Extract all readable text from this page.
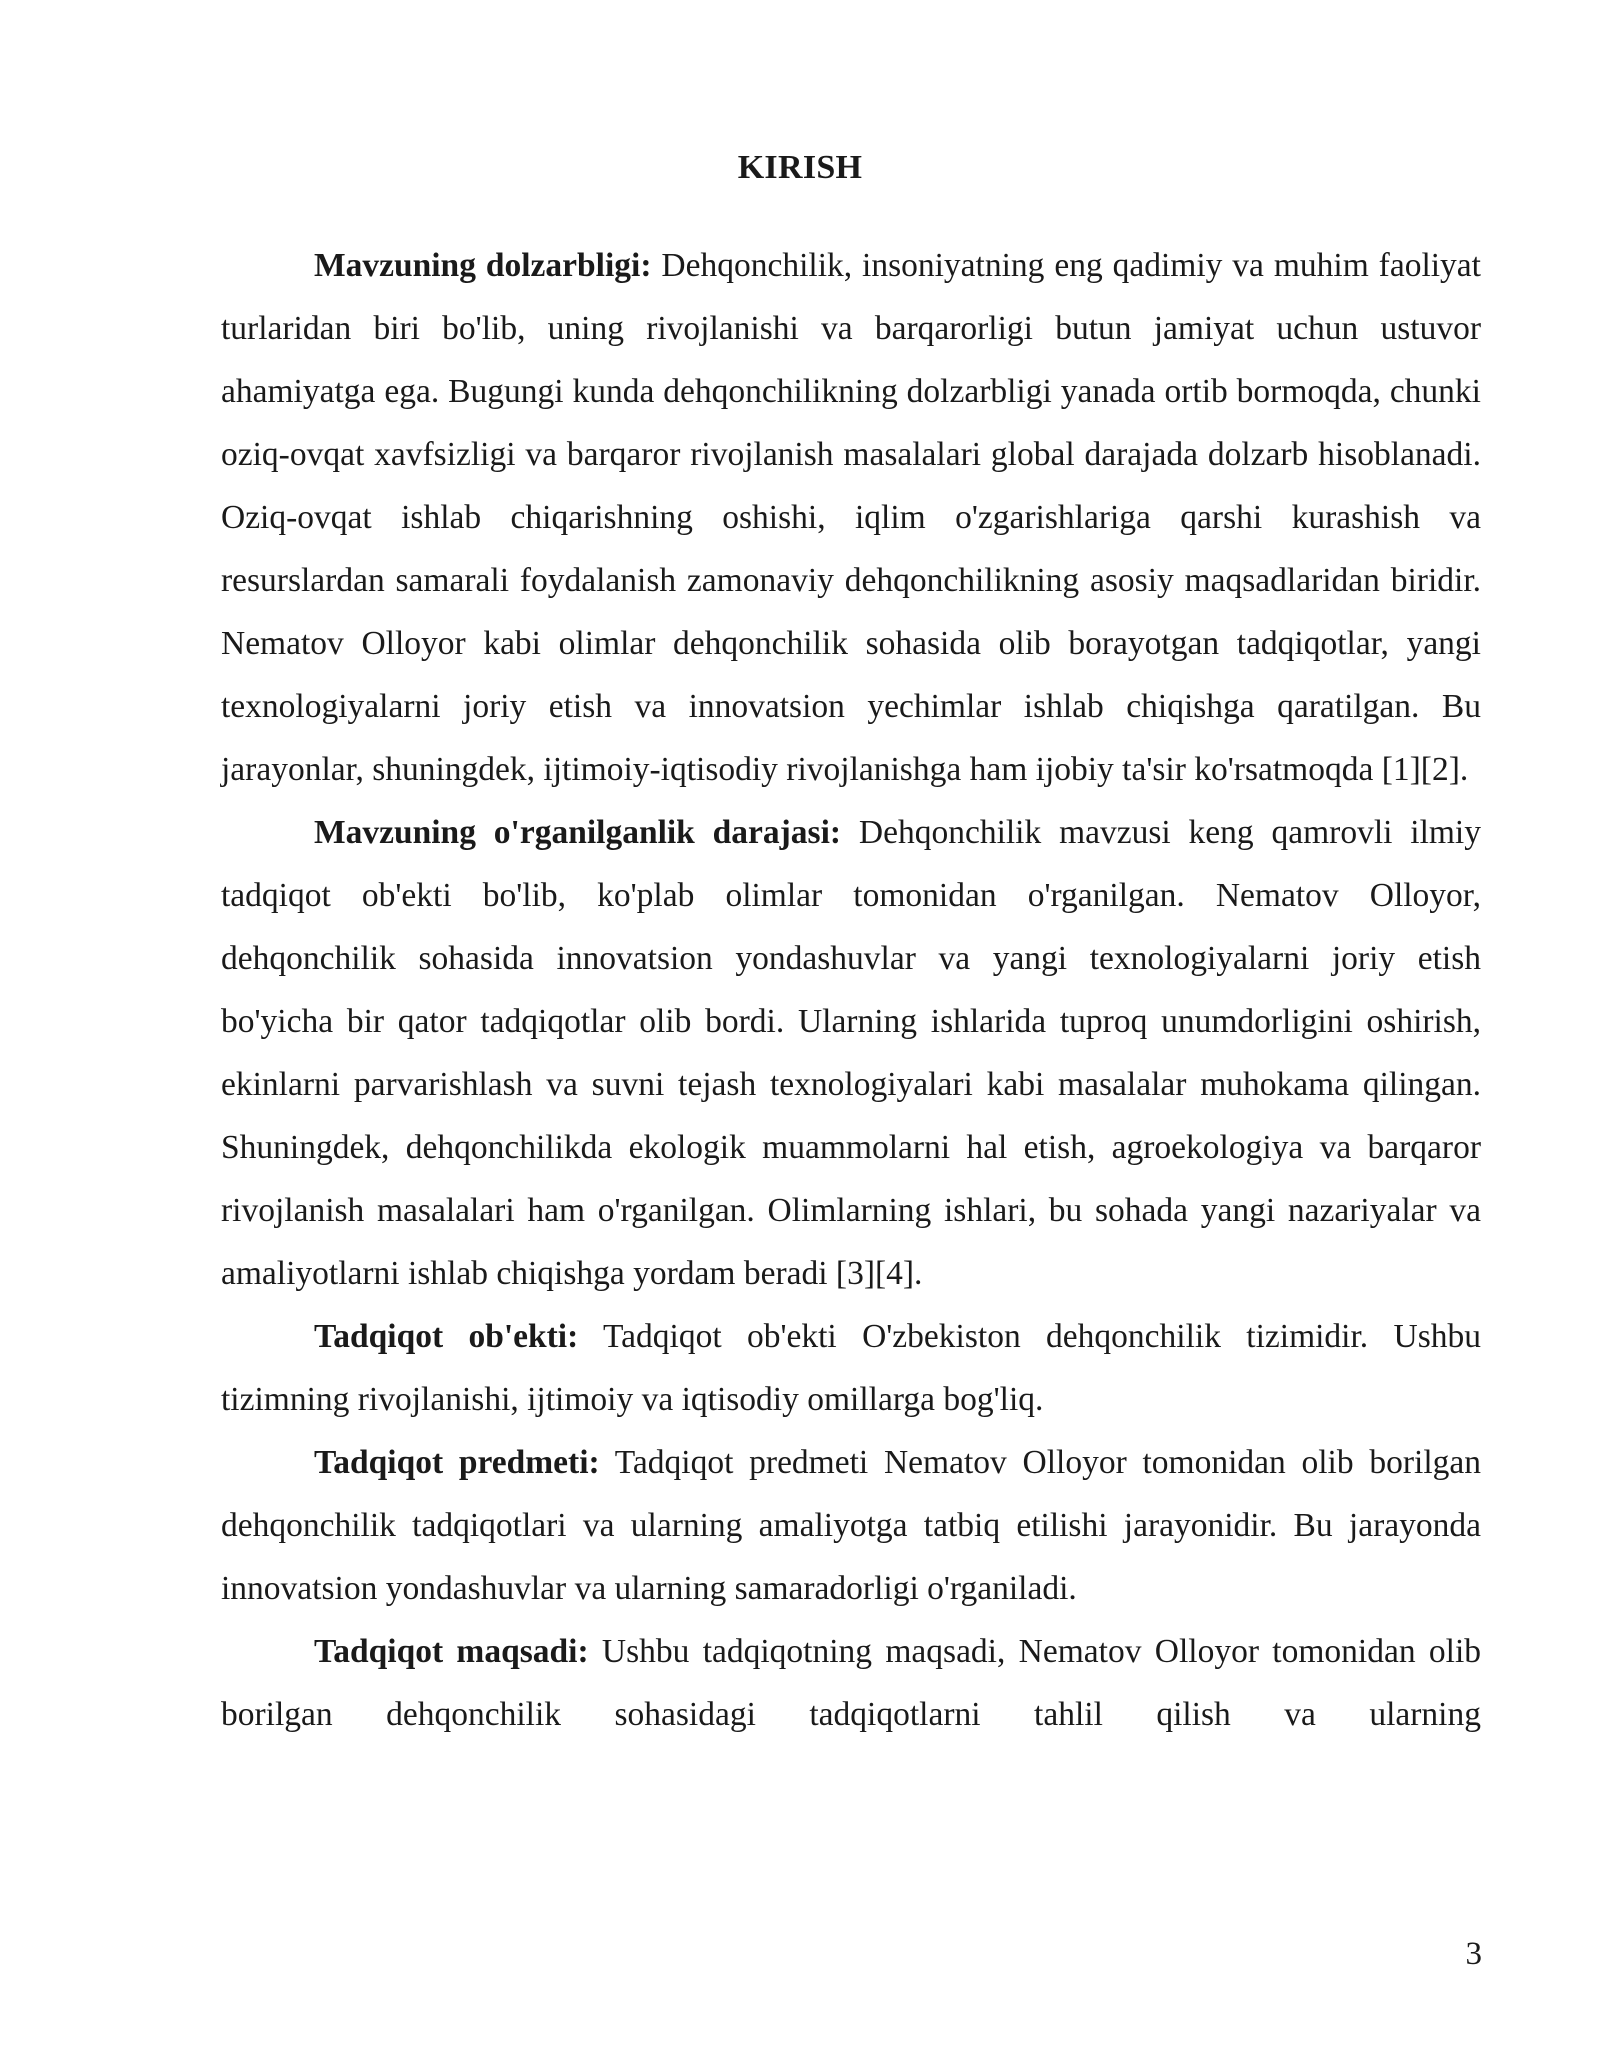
KIRISH

Mavzuning dolzarbligi: Dehqonchilik, insoniyatning eng qadimiy va muhim faoliyat turlaridan biri bo'lib, uning rivojlanishi va barqarorligi butun jamiyat uchun ustuvor ahamiyatga ega. Bugungi kunda dehqonchilikning dolzarbligi yanada ortib bormoqda, chunki oziq-ovqat xavfsizligi va barqaror rivojlanish masalalari global darajada dolzarb hisoblanadi. Oziq-ovqat ishlab chiqarishning oshishi, iqlim o'zgarishlariga qarshi kurashish va resurslardan samarali foydalanish zamonaviy dehqonchilikning asosiy maqsadlaridan biridir. Nematov Olloyor kabi olimlar dehqonchilik sohasida olib borayotgan tadqiqotlar, yangi texnologiyalarni joriy etish va innovatsion yechimlar ishlab chiqishga qaratilgan. Bu jarayonlar, shuningdek, ijtimoiy-iqtisodiy rivojlanishga ham ijobiy ta'sir ko'rsatmoqda [1][2].

Mavzuning o'rganilganlik darajasi: Dehqonchilik mavzusi keng qamrovli ilmiy tadqiqot ob'ekti bo'lib, ko'plab olimlar tomonidan o'rganilgan. Nematov Olloyor, dehqonchilik sohasida innovatsion yondashuvlar va yangi texnologiyalarni joriy etish bo'yicha bir qator tadqiqotlar olib bordi. Ularning ishlarida tuproq unumdorligini oshirish, ekinlarni parvarishlash va suvni tejash texnologiyalari kabi masalalar muhokama qilingan. Shuningdek, dehqonchilikda ekologik muammolarni hal etish, agroekologiya va barqaror rivojlanish masalalari ham o'rganilgan. Olimlarning ishlari, bu sohada yangi nazariyalar va amaliyotlarni ishlab chiqishga yordam beradi [3][4].

Tadqiqot ob'ekti: Tadqiqot ob'ekti O'zbekiston dehqonchilik tizimidir. Ushbu tizimning rivojlanishi, ijtimoiy va iqtisodiy omillarga bog'liq.

Tadqiqot predmeti: Tadqiqot predmeti Nematov Olloyor tomonidan olib borilgan dehqonchilik tadqiqotlari va ularning amaliyotga tatbiq etilishi jarayonidir. Bu jarayonda innovatsion yondashuvlar va ularning samaradorligi o'rganiladi.

Tadqiqot maqsadi: Ushbu tadqiqotning maqsadi, Nematov Olloyor tomonidan olib borilgan dehqonchilik sohasidagi tadqiqotlarni tahlil qilish va ularning

3
